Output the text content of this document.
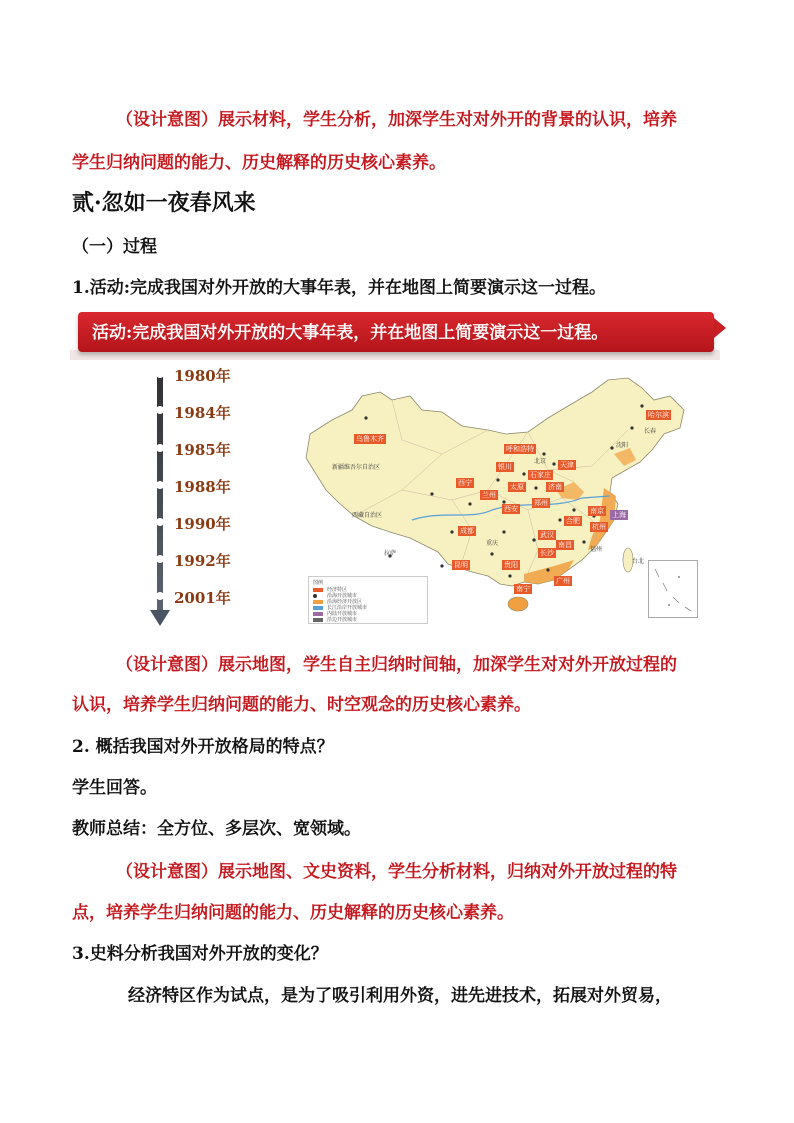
（设计意图）展示材料，学生分析，加深学生对对外开的背景的认识，培养

学生归纳问题的能力、历史解释的历史核心素养。

贰·忽如一夜春风来

（一）过程

1.活动:完成我国对外开放的大事年表，并在地图上简要演示这一过程。

活动:完成我国对外开放的大事年表，并在地图上简要演示这一过程。
1980年
1984年
1985年
1988年
1990年
1992年
2001年
乌鲁木齐
新疆维吾尔自治区
西藏自治区
拉萨
西宁
兰州
银川
呼和浩特
北京 天津
石家庄
太原	济南
郑州
西安
成都
重庆
武汉
长沙
贵阳
昆明
南宁
南京 上海
杭州
福州
台北
广州
合肥
南昌
哈尔滨
长春
沈阳
图例
经济特区
沿海开放城市
沿海经济开放区
长江沿岸开放城市
内陆开放城市
沿边开放城市

（设计意图）展示地图，学生自主归纳时间轴，加深学生对对外开放过程的

认识，培养学生归纳问题的能力、时空观念的历史核心素养。

2. 概括我国对外开放格局的特点？

学生回答。

教师总结：全方位、多层次、宽领域。

（设计意图）展示地图、文史资料，学生分析材料，归纳对外开放过程的特

点，培养学生归纳问题的能力、历史解释的历史核心素养。

3.史料分析我国对外开放的变化？

经济特区作为试点，是为了吸引利用外资，进先进技术，拓展对外贸易，
